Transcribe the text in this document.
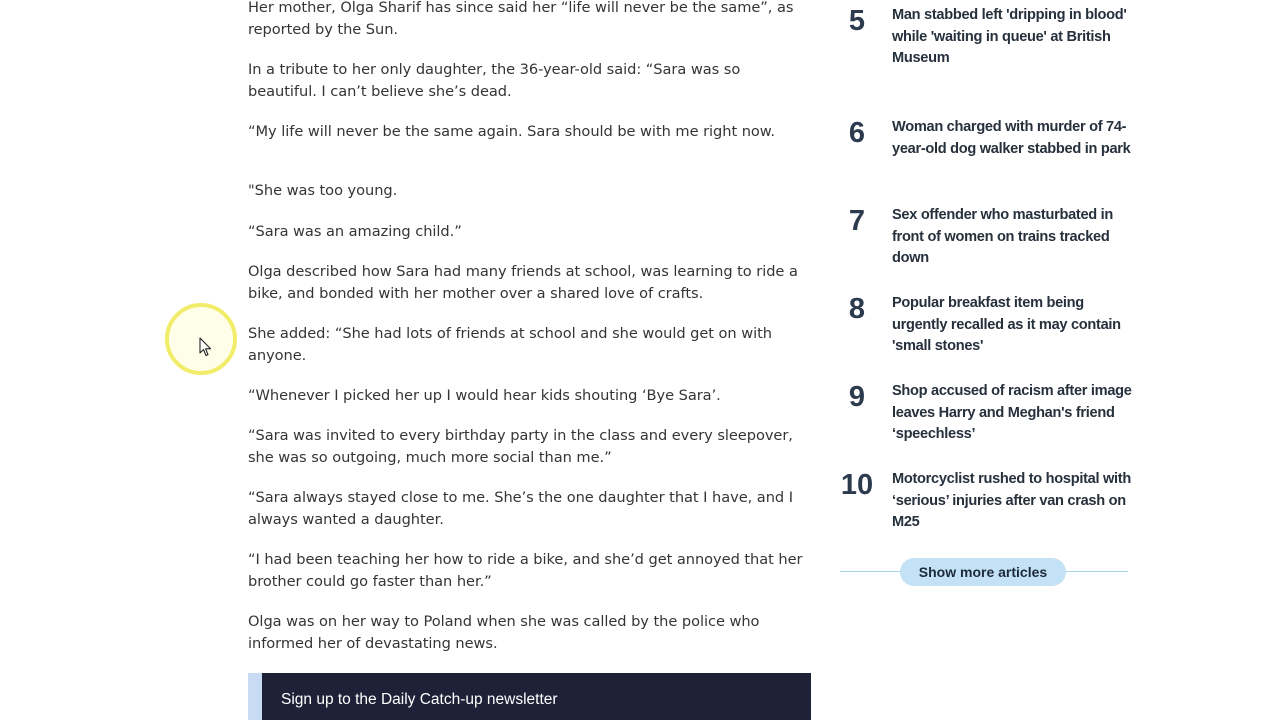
Her mother, Olga Sharif has since said her “life will never be the same”, as reported by the Sun.

In a tribute to her only daughter, the 36-year-old said: “Sara was so beautiful. I can’t believe she’s dead.

“My life will never be the same again. Sara should be with me right now.

"She was too young.

“Sara was an amazing child.”

Olga described how Sara had many friends at school, was learning to ride a bike, and bonded with her mother over a shared love of crafts.

She added: “She had lots of friends at school and she would get on with anyone.

“Whenever I picked her up I would hear kids shouting ‘Bye Sara’.

“Sara was invited to every birthday party in the class and every sleepover, she was so outgoing, much more social than me.”

“Sara always stayed close to me. She’s the one daughter that I have, and I always wanted a daughter.

“I had been teaching her how to ride a bike, and she’d get annoyed that her brother could go faster than her.”

Olga was on her way to Poland when she was called by the police who informed her of devastating news.

Sign up to the Daily Catch-up newsletter
5	Man stabbed left 'dripping in blood' while 'waiting in queue' at British Museum
6	Woman charged with murder of 74-year-old dog walker stabbed in park
7	Sex offender who masturbated in front of women on trains tracked down
8	Popular breakfast item being urgently recalled as it may contain 'small stones'
9	Shop accused of racism after image leaves Harry and Meghan's friend ‘speechless’
10 Motorcyclist rushed to hospital with ‘serious’ injuries after van crash on M25
Show more articles
